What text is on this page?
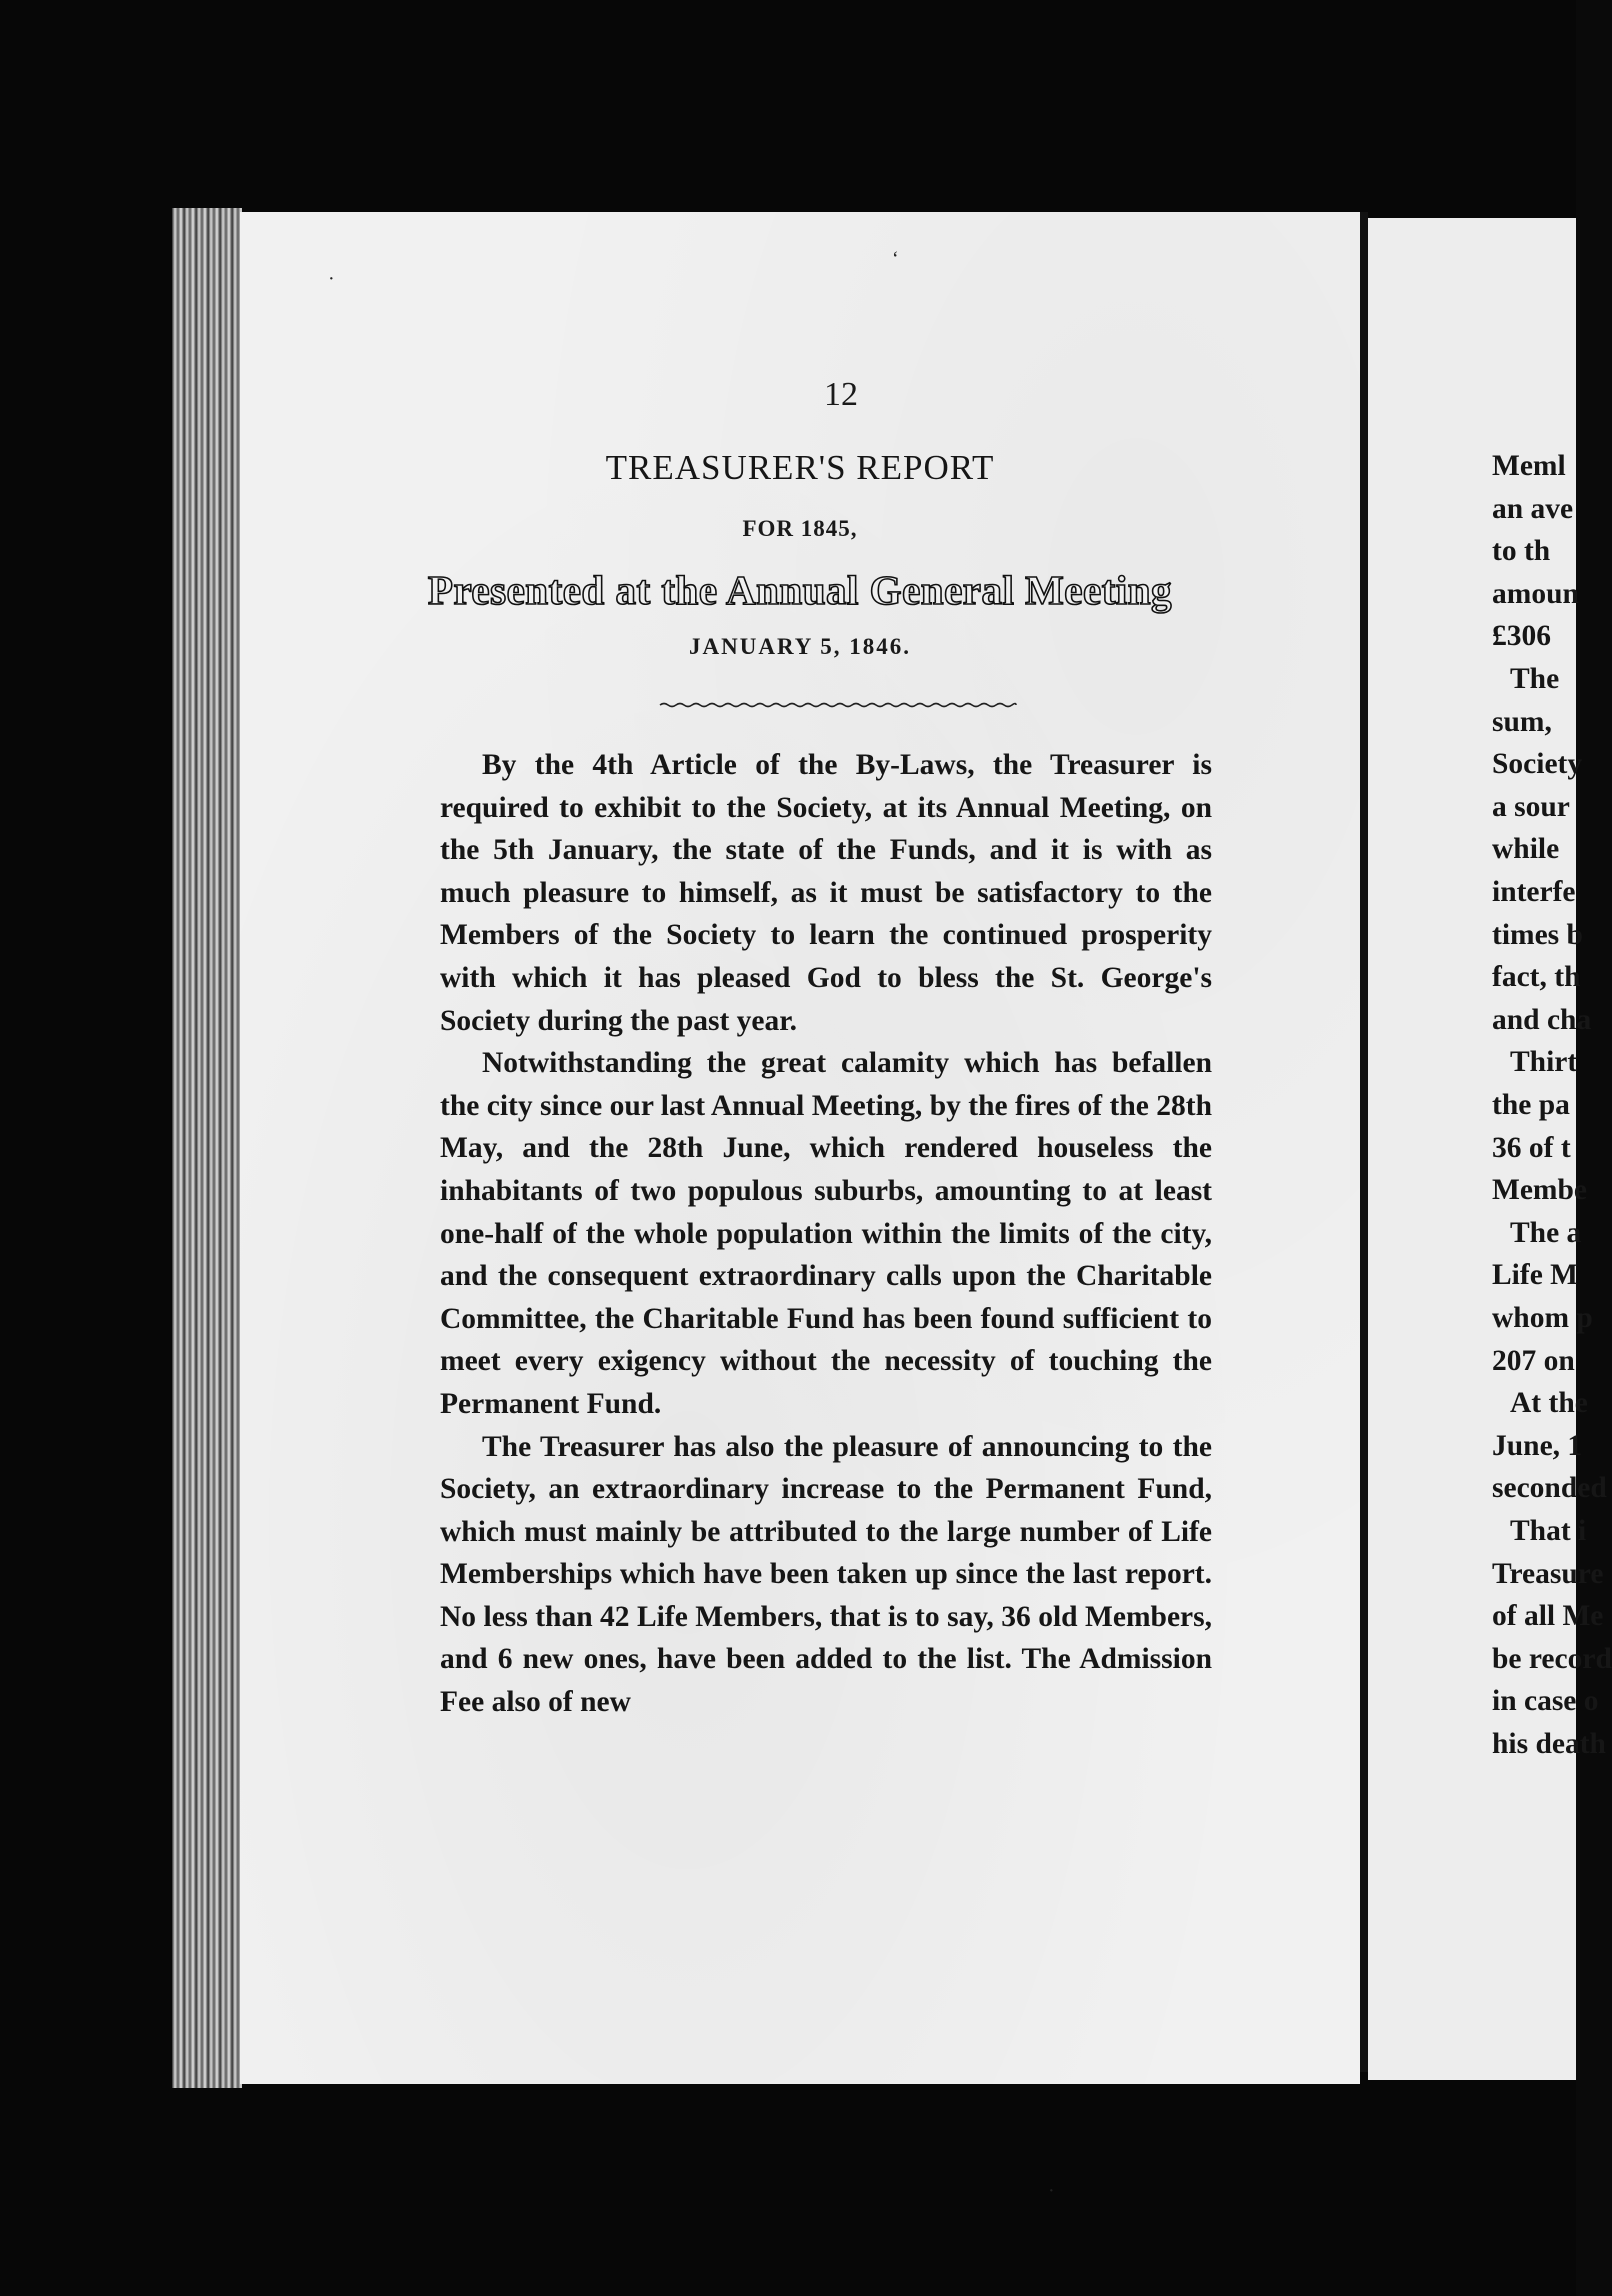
12
TREASURER'S REPORT
FOR 1845,
Presented at the Annual General Meeting
JANUARY 5, 1846.

By the 4th Article of the By-Laws, the Treasurer is required to exhibit to the Society, at its Annual Meeting, on the 5th January, the state of the Funds, and it is with as much pleasure to himself, as it must be satisfactory to the Members of the Society to learn the continued prosperity with which it has pleased God to bless the St. George's Society during the past year.

Notwithstanding the great calamity which has befallen the city since our last Annual Meeting, by the fires of the 28th May, and the 28th June, which rendered houseless the inhabitants of two populous suburbs, amounting to at least one-half of the whole population within the limits of the city, and the consequent extraordinary calls upon the Charitable Committee, the Charitable Fund has been found sufficient to meet every exigency without the necessity of touching the Permanent Fund.

The Treasurer has also the pleasure of announcing to the Society, an extraordinary increase to the Permanent Fund, which must mainly be attributed to the large number of Life Memberships which have been taken up since the last report. No less than 42 Life Members, that is to say, 36 old Members, and 6 new ones, have been added to the list. The Admission Fee also of new

Meml
an ave
to th
amoun
£306
The
sum,
Society
a sour
while
interfe
times b
fact, th
and cha
Thirt
the pa
36 of t
Membe
The a
Life M
whom p
207 on
At the
June, 1
seconded
That i
Treasure
of all Me
be record
in case o
his death
‘
·
·
